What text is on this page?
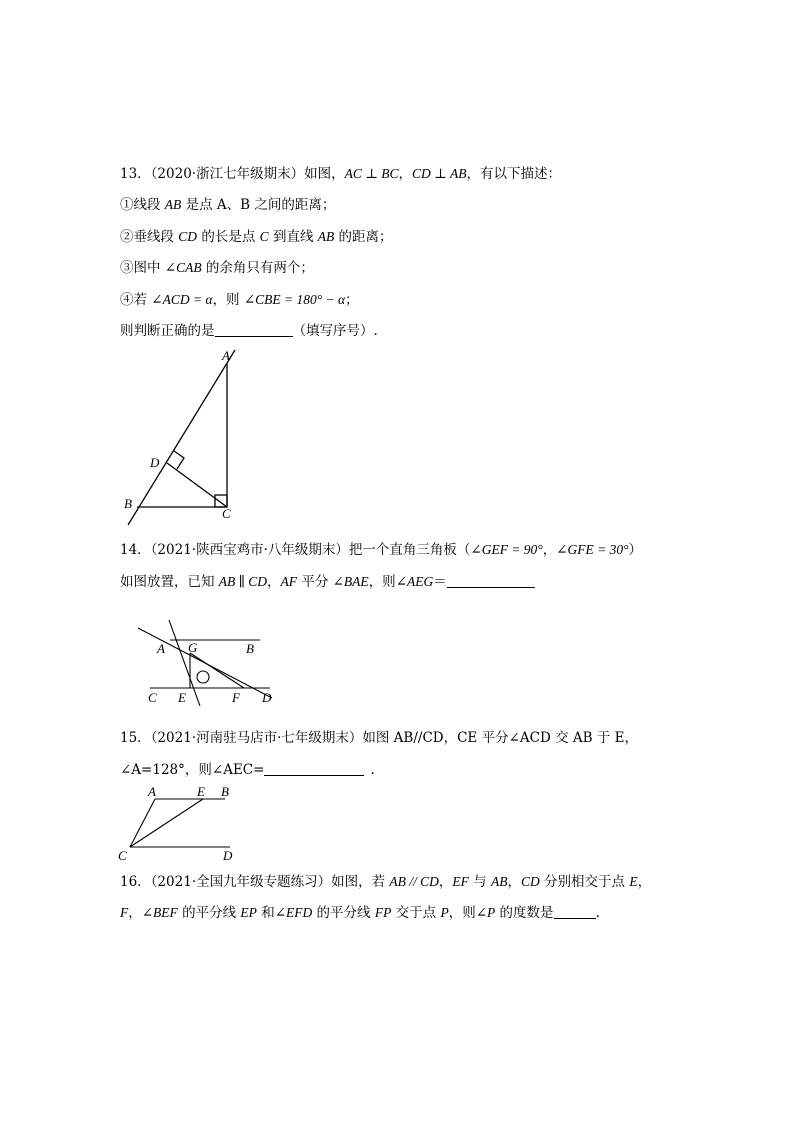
13．（2020·浙江七年级期末）如图，AC ⊥ BC，CD ⊥ AB，有以下描述：
①线段 AB 是点 A、B 之间的距离；
②垂线段 CD 的长是点 C 到直线 AB 的距离；
③图中 ∠CAB 的余角只有两个；
④若 ∠ACD = α，则 ∠CBE = 180° − α；
则判断正确的是	（填写序号）.
A
D
B
C
14．（2021·陕西宝鸡市·八年级期末）把一个直角三角板（∠GEF = 90°，∠GFE = 30°）
如图放置，已知 AB ∥ CD，AF 平分 ∠BAE，则∠AEG＝
A G	B
C E	F D
15．（2021·河南驻马店市·七年级期末）如图 AB//CD，CE 平分∠ACD 交 AB 于 E，
∠A=128°，则∠AEC=	.
A	E B
C	D
16．（2021·全国九年级专题练习）如图，若 AB // CD，EF 与 AB，CD 分别相交于点 E，
F，∠BEF 的平分线 EP 和∠EFD 的平分线 FP 交于点 P，则∠P 的度数是	.
